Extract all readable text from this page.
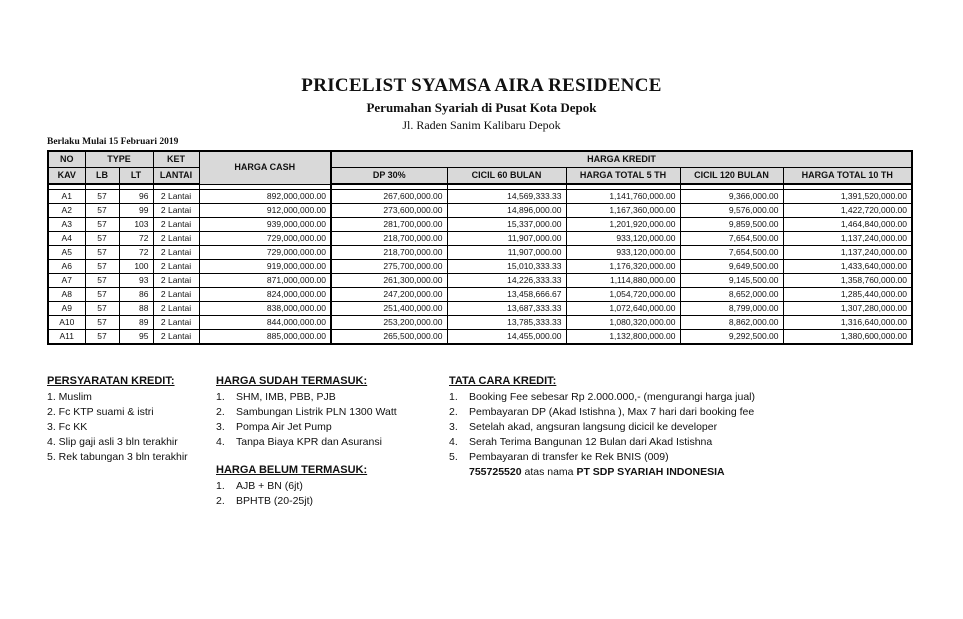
PRICELIST SYAMSA AIRA RESIDENCE
Perumahan Syariah di Pusat Kota Depok
Jl. Raden Sanim Kalibaru Depok
Berlaku Mulai 15 Februari 2019
NO	TYPE		KET	HARGA CASH	HARGA KREDIT				
KAV	LB	LT	LANTAI		DP 30%	CICIL 60 BULAN	HARGA TOTAL 5 TH	CICIL 120 BULAN	HARGA TOTAL 10 TH

A1	57	96	2 Lantai	892,000,000.00	267,600,000.00	14,569,333.33	1,141,760,000.00	9,366,000.00	1,391,520,000.00
A2	57	99	2 Lantai	912,000,000.00	273,600,000.00	14,896,000.00	1,167,360,000.00	9,576,000.00	1,422,720,000.00
A3	57	103	2 Lantai	939,000,000.00	281,700,000.00	15,337,000.00	1,201,920,000.00	9,859,500.00	1,464,840,000.00
A4	57	72	2 Lantai	729,000,000.00	218,700,000.00	11,907,000.00	933,120,000.00	7,654,500.00	1,137,240,000.00
A5	57	72	2 Lantai	729,000,000.00	218,700,000.00	11,907,000.00	933,120,000.00	7,654,500.00	1,137,240,000.00
A6	57	100	2 Lantai	919,000,000.00	275,700,000.00	15,010,333.33	1,176,320,000.00	9,649,500.00	1,433,640,000.00
A7	57	93	2 Lantai	871,000,000.00	261,300,000.00	14,226,333.33	1,114,880,000.00	9,145,500.00	1,358,760,000.00
A8	57	86	2 Lantai	824,000,000.00	247,200,000.00	13,458,666.67	1,054,720,000.00	8,652,000.00	1,285,440,000.00
A9	57	88	2 Lantai	838,000,000.00	251,400,000.00	13,687,333.33	1,072,640,000.00	8,799,000.00	1,307,280,000.00
A10	57	89	2 Lantai	844,000,000.00	253,200,000.00	13,785,333.33	1,080,320,000.00	8,862,000.00	1,316,640,000.00
A11	57	95	2 Lantai	885,000,000.00	265,500,000.00	14,455,000.00	1,132,800,000.00	9,292,500.00	1,380,600,000.00
PERSYARATAN KREDIT:
1. Muslim
2. Fc KTP suami & istri
3. Fc KK
4. Slip gaji asli 3 bln terakhir
5. Rek tabungan 3 bln terakhir
HARGA SUDAH TERMASUK:
1.	SHM, IMB, PBB, PJB
2.	Sambungan Listrik PLN 1300 Watt
3.	Pompa Air Jet Pump
4.	Tanpa Biaya KPR dan Asuransi
HARGA BELUM TERMASUK:
1.	AJB + BN (6jt)
2.	BPHTB (20-25jt)
TATA CARA KREDIT:
1.	Booking Fee sebesar Rp 2.000.000,- (mengurangi harga jual)
2.	Pembayaran DP (Akad Istishna ), Max 7 hari dari booking fee
3.	Setelah akad, angsuran langsung dicicil ke developer
4.	Serah Terima Bangunan 12 Bulan dari Akad Istishna
5.	Pembayaran di transfer ke Rek BNIS (009)
755725520 atas nama PT SDP SYARIAH INDONESIA
